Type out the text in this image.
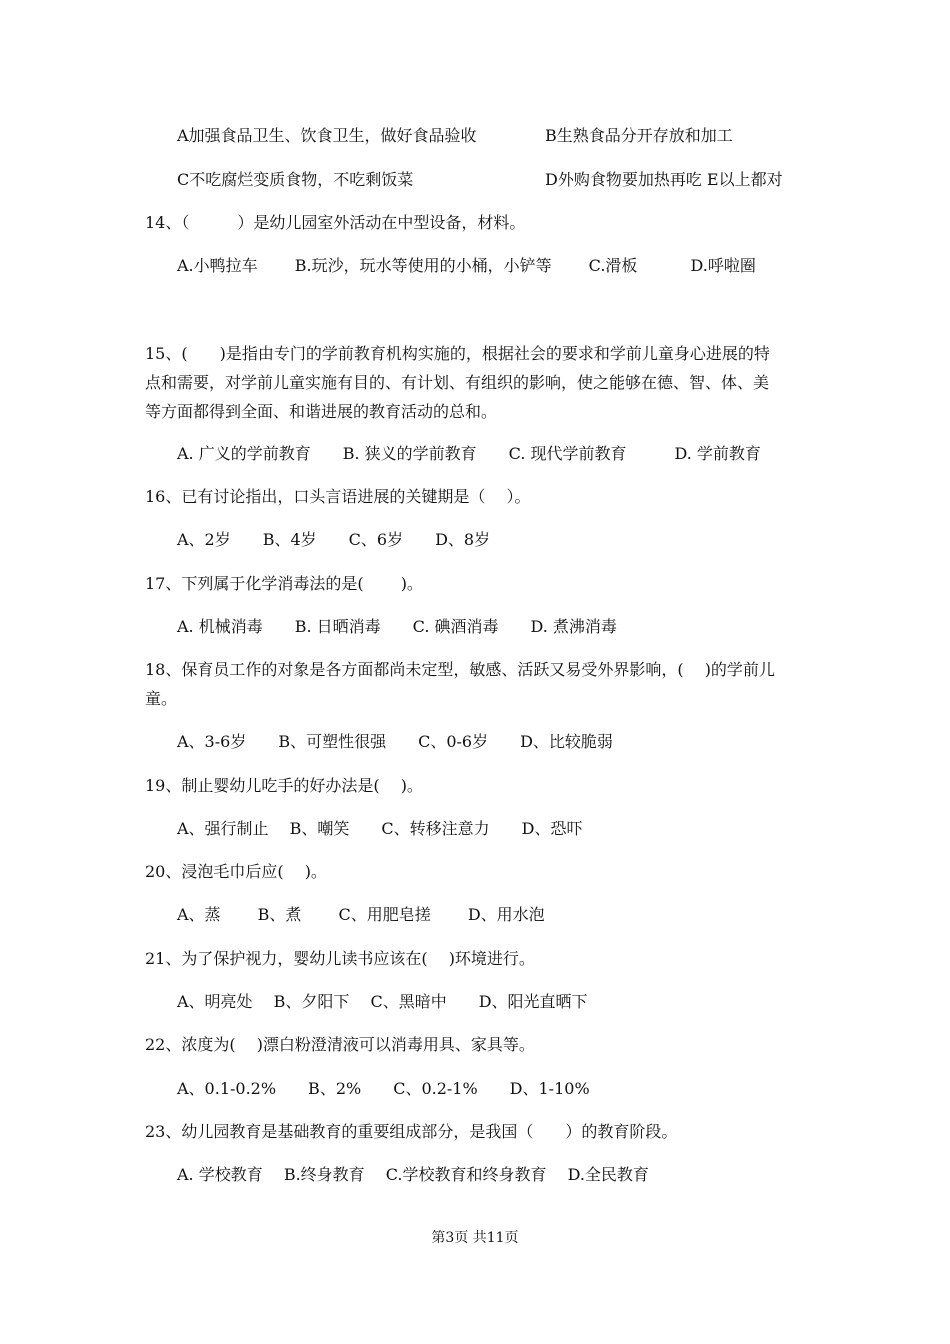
A加强食品卫生、饮食卫生，做好食品验收	B生熟食品分开存放和加工
C不吃腐烂变质食物，不吃剩饭菜	D外购食物要加热再吃 E以上都对
14、（　　　）是幼儿园室外活动在中型设备，材料。
A.小鸭拉车　　 B.玩沙，玩水等使用的小桶，小铲等　　 C.滑板　　　 D.呼啦圈
15、(　　)是指由专门的学前教育机构实施的，根据社会的要求和学前儿童身心进展的特
点和需要，对学前儿童实施有目的、有计划、有组织的影响，使之能够在德、智、体、美
等方面都得到全面、和谐进展的教育活动的总和。
A. 广义的学前教育　　B. 狭义的学前教育　　C. 现代学前教育　　　D. 学前教育
16、已有讨论指出，口头言语进展的关键期是（　 ）。
A、2岁　　B、4岁　　C、6岁　　D、8岁
17、下列属于化学消毒法的是(　　 )。
A. 机械消毒　　B. 日晒消毒　　C. 碘酒消毒　　D. 煮沸消毒
18、保育员工作的对象是各方面都尚未定型，敏感、活跃又易受外界影响，(　 )的学前儿
童。
A、3-6岁　　B、可塑性很强　　C、0-6岁　　D、比较脆弱
19、制止婴幼儿吃手的好办法是(　 )。
A、强行制止　 B、嘲笑　　C、转移注意力　　D、恐吓
20、浸泡毛巾后应(　 )。
A、蒸　　 B、煮　　 C、用肥皂搓　　 D、用水泡
21、为了保护视力，婴幼儿读书应该在(　 )环境进行。
A、明亮处　 B、夕阳下　 C、黑暗中　　D、阳光直晒下
22、浓度为(　 )漂白粉澄清液可以消毒用具、家具等。
A、0.1-0.2%　　B、2%　　C、0.2-1%　　D、1-10%
23、幼儿园教育是基础教育的重要组成部分，是我国（　　）的教育阶段。
A. 学校教育　 B.终身教育　 C.学校教育和终身教育　 D.全民教育
第3页 共11页
